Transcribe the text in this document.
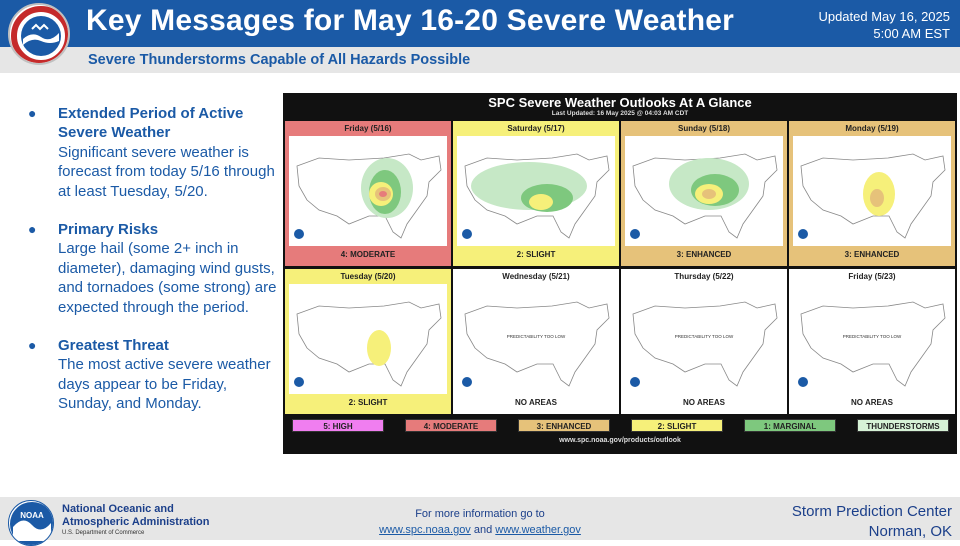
Key Messages for May 16-20 Severe Weather	Updated May 16, 2025
5:00 AM EST
Severe Thunderstorms Capable of All Hazards Possible
● Extended Period of Active Severe Weather
Significant severe weather is forecast from today 5/16 through at least Tuesday, 5/20.
● Primary Risks
Large hail (some 2+ inch in diameter), damaging wind gusts, and tornadoes (some strong) are expected through the period.
● Greatest Threat
The most active severe weather days appear to be Friday, Sunday, and Monday.
SPC Severe Weather Outlooks At A Glance
Last Updated: 16 May 2025 @ 04:03 AM CDT
www.spc.noaa.gov/products/outlook
Friday (5/16)
4: MODERATE
Saturday (5/17)
2: SLIGHT
Sunday (5/18)
3: ENHANCED
Monday (5/19)
3: ENHANCED
Tuesday (5/20)
2: SLIGHT
Wednesday (5/21)
PREDICTABILITY TOO LOW
NO AREAS
Thursday (5/22)
PREDICTABILITY TOO LOW
NO AREAS
Friday (5/23)
PREDICTABILITY TOO LOW
NO AREAS
NOAA
National Oceanic and
Atmospheric Administration
U.S. Department of Commerce
For more information go to
www.spc.noaa.gov and www.weather.gov
Storm Prediction Center
Norman, OK
5: HIGH	4: MODERATE	3: ENHANCED	2: SLIGHT	1: MARGINAL	THUNDERSTORMS
